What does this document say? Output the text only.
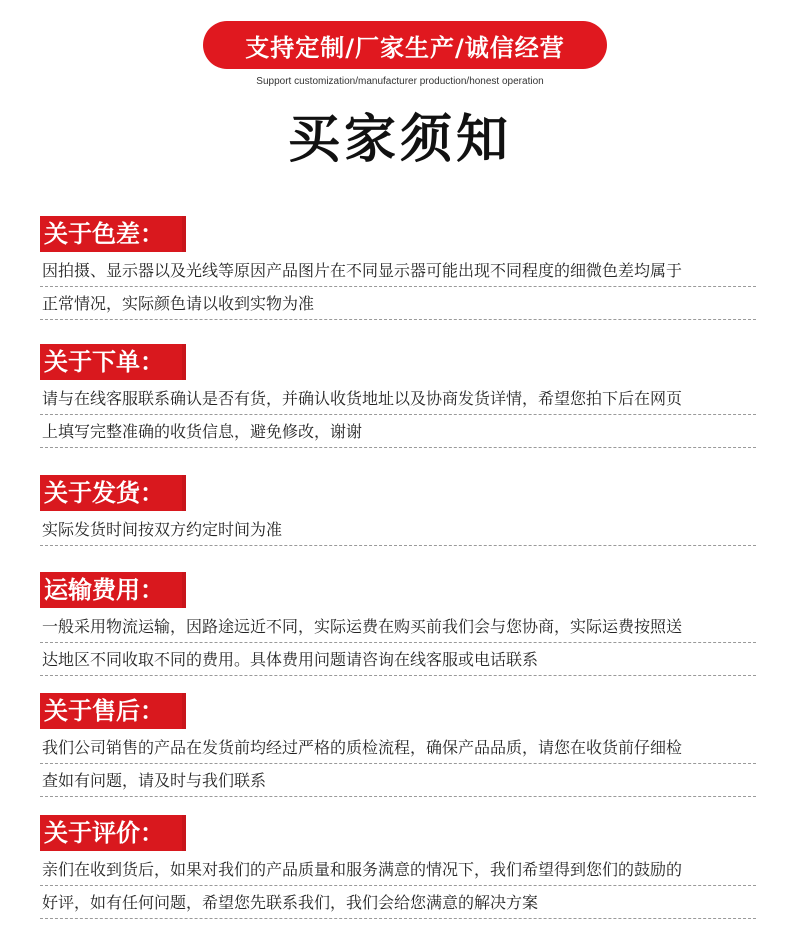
支持定制/厂家生产/诚信经营
Support customization/manufacturer production/honest operation
买家须知
关于色差：
因拍摄、显示器以及光线等原因产品图片在不同显示器可能出现不同程度的细微色差均属于
正常情况，实际颜色请以收到实物为准
关于下单：
请与在线客服联系确认是否有货，并确认收货地址以及协商发货详情，希望您拍下后在网页
上填写完整准确的收货信息，避免修改，谢谢
关于发货：
实际发货时间按双方约定时间为准
运输费用：
一般采用物流运输，因路途远近不同，实际运费在购买前我们会与您协商，实际运费按照送
达地区不同收取不同的费用。具体费用问题请咨询在线客服或电话联系
关于售后：
我们公司销售的产品在发货前均经过严格的质检流程，确保产品品质，请您在收货前仔细检
查如有问题，请及时与我们联系
关于评价：
亲们在收到货后，如果对我们的产品质量和服务满意的情况下，我们希望得到您们的鼓励的
好评，如有任何问题，希望您先联系我们，我们会给您满意的解决方案
